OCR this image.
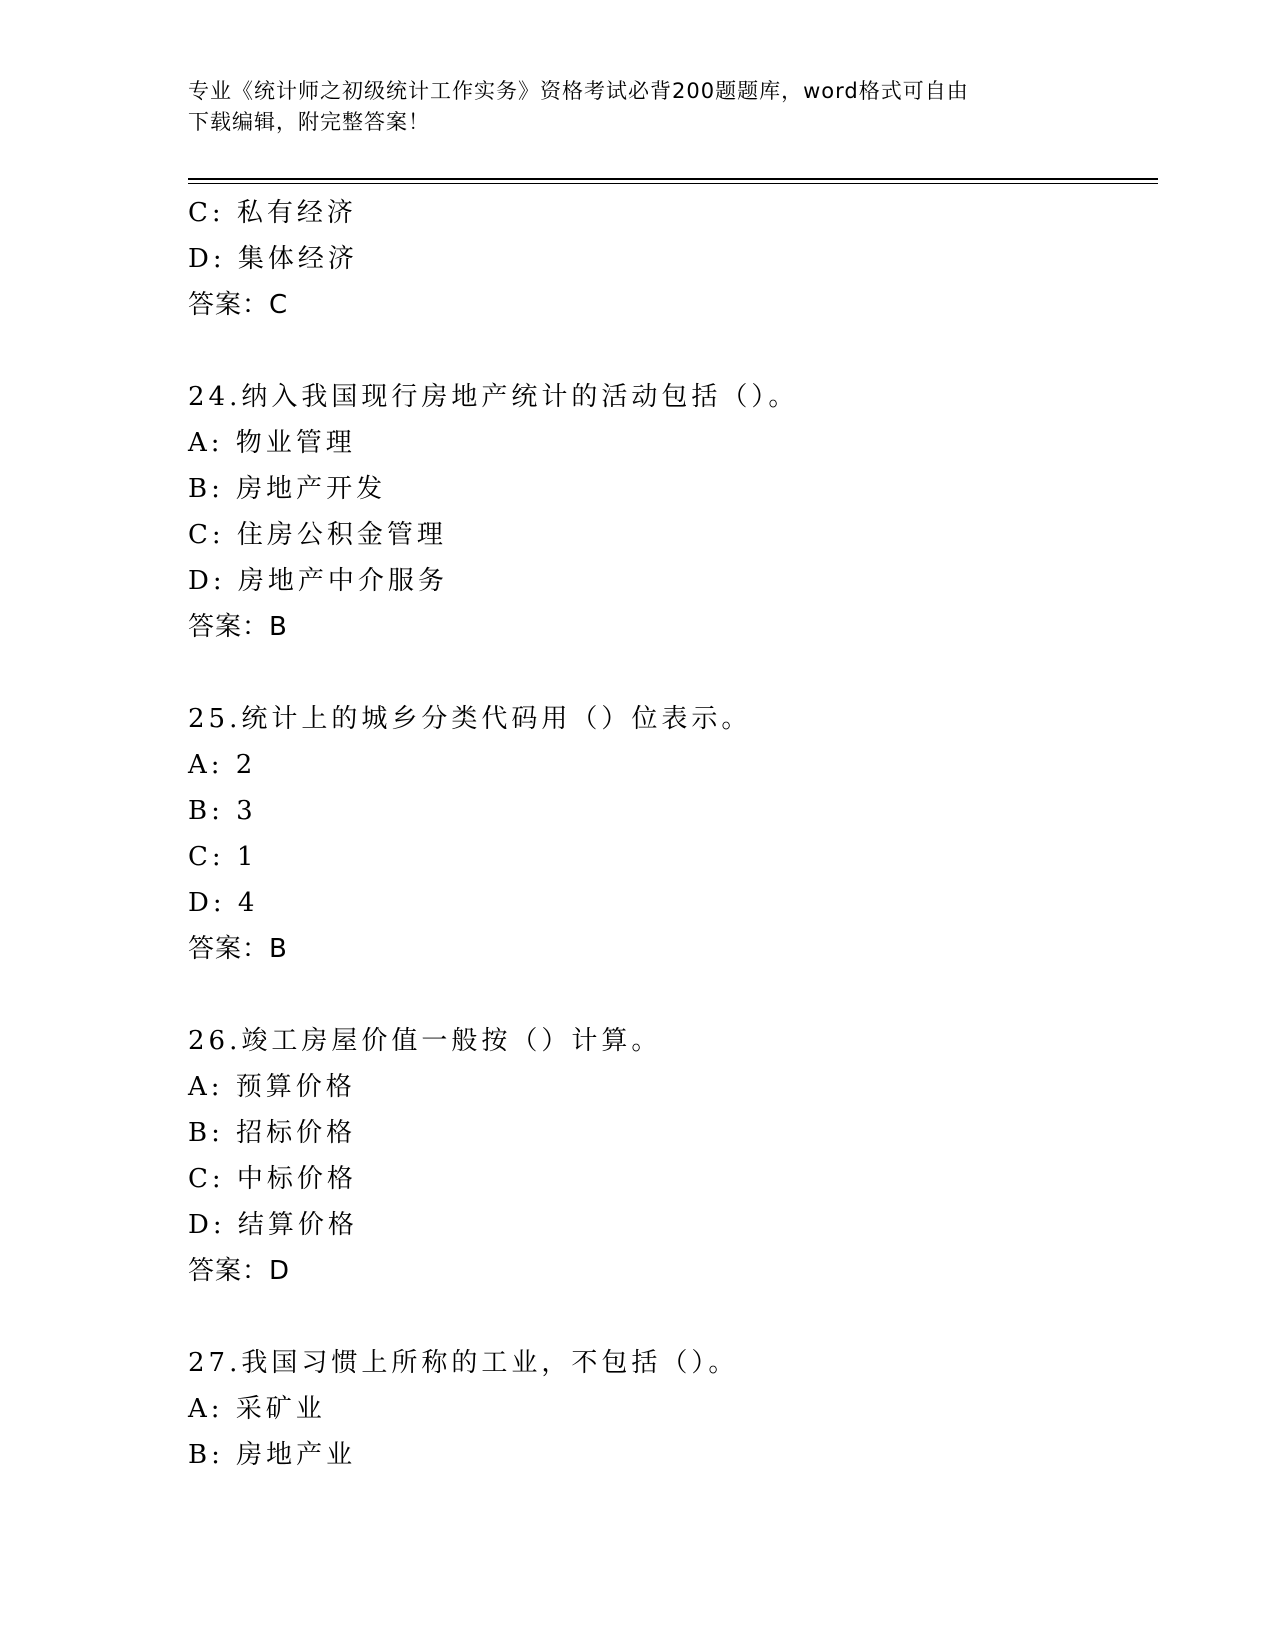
专业《统计师之初级统计工作实务》资格考试必背200题题库，word格式可自由
下载编辑，附完整答案！
C: 私有经济
D: 集体经济
答案：C
24.纳入我国现行房地产统计的活动包括（）。
A: 物业管理
B: 房地产开发
C: 住房公积金管理
D: 房地产中介服务
答案：B
25.统计上的城乡分类代码用（）位表示。
A: 2
B: 3
C: 1
D: 4
答案：B
26.竣工房屋价值一般按（）计算。
A: 预算价格
B: 招标价格
C: 中标价格
D: 结算价格
答案：D
27.我国习惯上所称的工业，不包括（）。
A: 采矿业
B: 房地产业
